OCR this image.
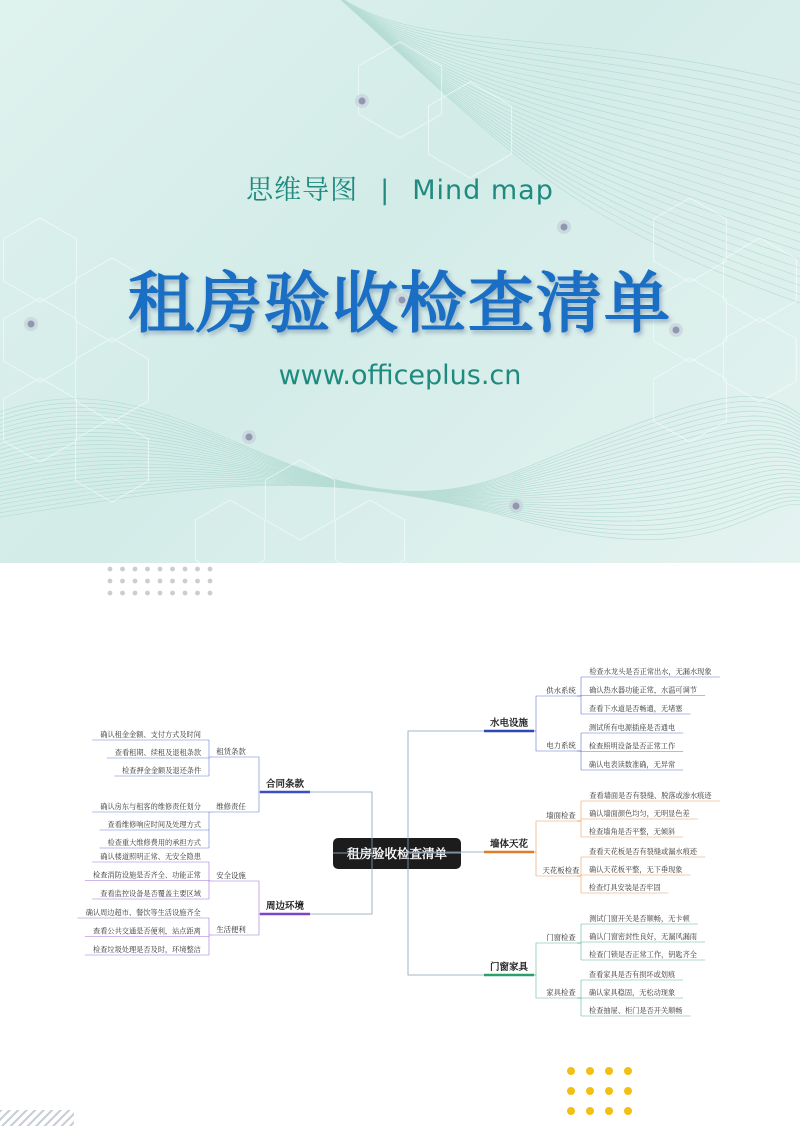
思维导图 | Mind map
租房验收检查清单
www.officeplus.cn
租房验收检查清单
合同条款
租赁条款
确认租金金额、支付方式及时间
查看租期、续租及退租条款
检查押金金额及退还条件
维修责任
确认房东与租客的维修责任划分
查看维修响应时间及处理方式
检查重大维修费用的承担方式
周边环境
安全设施
确认楼道照明正常、无安全隐患
检查消防设施是否齐全、功能正常
查看监控设备是否覆盖主要区域
生活便利
确认周边超市、餐饮等生活设施齐全
查看公共交通是否便利，站点距离
检查垃圾处理是否及时，环境整洁
水电设施
供水系统
检查水龙头是否正常出水，无漏水现象
确认热水器功能正常，水温可调节
查看下水道是否畅通，无堵塞
电力系统
测试所有电源插座是否通电
检查照明设备是否正常工作
确认电表读数准确，无异常
墙体天花
墙面检查
查看墙面是否有裂缝、脱落或渗水痕迹
确认墙面颜色均匀，无明显色差
检查墙角是否平整，无倾斜
天花板检查
查看天花板是否有裂缝或漏水痕迹
确认天花板平整，无下垂现象
检查灯具安装是否牢固
门窗家具
门窗检查
测试门窗开关是否顺畅，无卡顿
确认门窗密封性良好，无漏风漏雨
检查门锁是否正常工作，钥匙齐全
家具检查
查看家具是否有损坏或划痕
确认家具稳固，无松动现象
检查抽屉、柜门是否开关顺畅
